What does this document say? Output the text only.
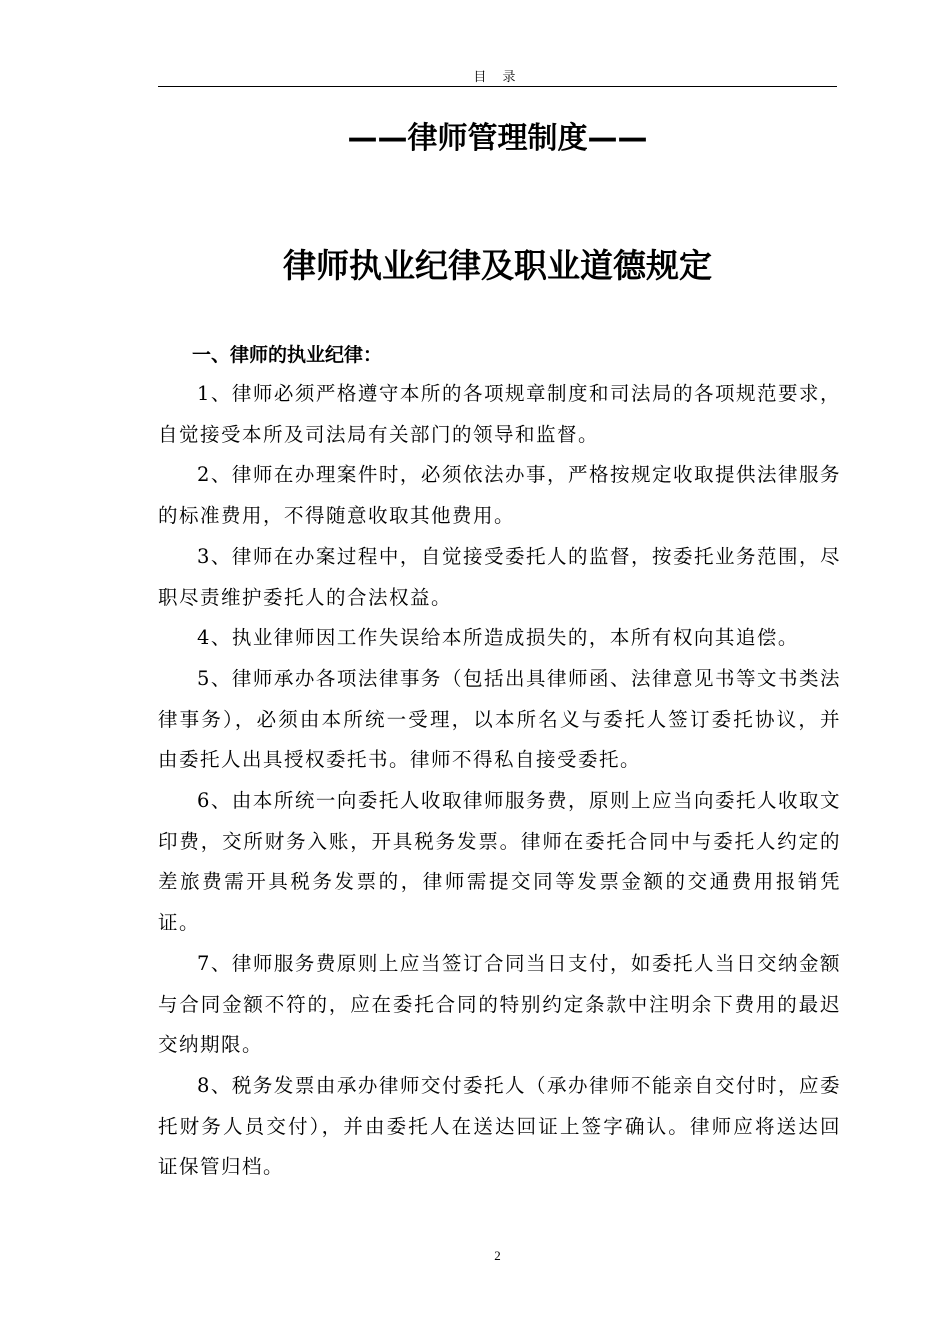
目 录
——律师管理制度——
律师执业纪律及职业道德规定
一、律师的执业纪律：

1、律师必须严格遵守本所的各项规章制度和司法局的各项规范要求，自觉接受本所及司法局有关部门的领导和监督。

2、律师在办理案件时，必须依法办事，严格按规定收取提供法律服务的标准费用，不得随意收取其他费用。

3、律师在办案过程中，自觉接受委托人的监督，按委托业务范围，尽职尽责维护委托人的合法权益。

4、执业律师因工作失误给本所造成损失的，本所有权向其追偿。

5、律师承办各项法律事务（包括出具律师函、法律意见书等文书类法律事务），必须由本所统一受理，以本所名义与委托人签订委托协议，并由委托人出具授权委托书。律师不得私自接受委托。

6、由本所统一向委托人收取律师服务费，原则上应当向委托人收取文印费，交所财务入账，开具税务发票。律师在委托合同中与委托人约定的差旅费需开具税务发票的，律师需提交同等发票金额的交通费用报销凭证。

7、律师服务费原则上应当签订合同当日支付，如委托人当日交纳金额与合同金额不符的，应在委托合同的特别约定条款中注明余下费用的最迟交纳期限。

8、税务发票由承办律师交付委托人（承办律师不能亲自交付时，应委托财务人员交付），并由委托人在送达回证上签字确认。律师应将送达回证保管归档。

2
